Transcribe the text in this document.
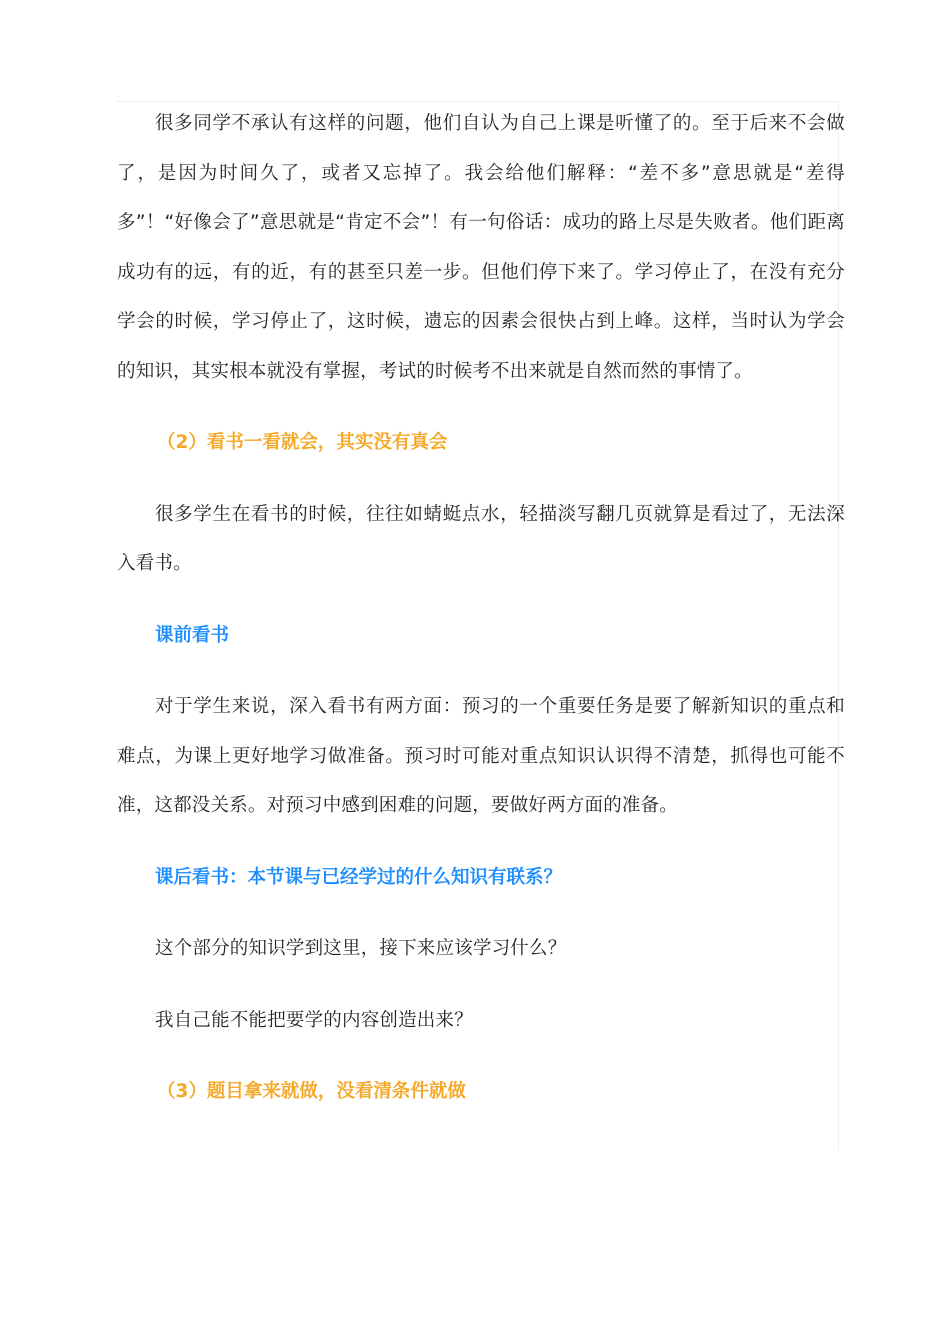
很多同学不承认有这样的问题，他们自认为自己上课是听懂了的。至于后来不会做了，是因为时间久了，或者又忘掉了。我会给他们解释：“差不多”意思就是“差得多”！“好像会了”意思就是“肯定不会”！有一句俗话：成功的路上尽是失败者。他们距离成功有的远，有的近，有的甚至只差一步。但他们停下来了。学习停止了，在没有充分学会的时候，学习停止了，这时候，遗忘的因素会很快占到上峰。这样，当时认为学会的知识，其实根本就没有掌握，考试的时候考不出来就是自然而然的事情了。

（2）看书一看就会，其实没有真会

很多学生在看书的时候，往往如蜻蜓点水，轻描淡写翻几页就算是看过了，无法深入看书。

课前看书

对于学生来说，深入看书有两方面：预习的一个重要任务是要了解新知识的重点和难点，为课上更好地学习做准备。预习时可能对重点知识认识得不清楚，抓得也可能不准，这都没关系。对预习中感到困难的问题，要做好两方面的准备。

课后看书：本节课与已经学过的什么知识有联系？

这个部分的知识学到这里，接下来应该学习什么？

我自己能不能把要学的内容创造出来？

（3）题目拿来就做，没看清条件就做
